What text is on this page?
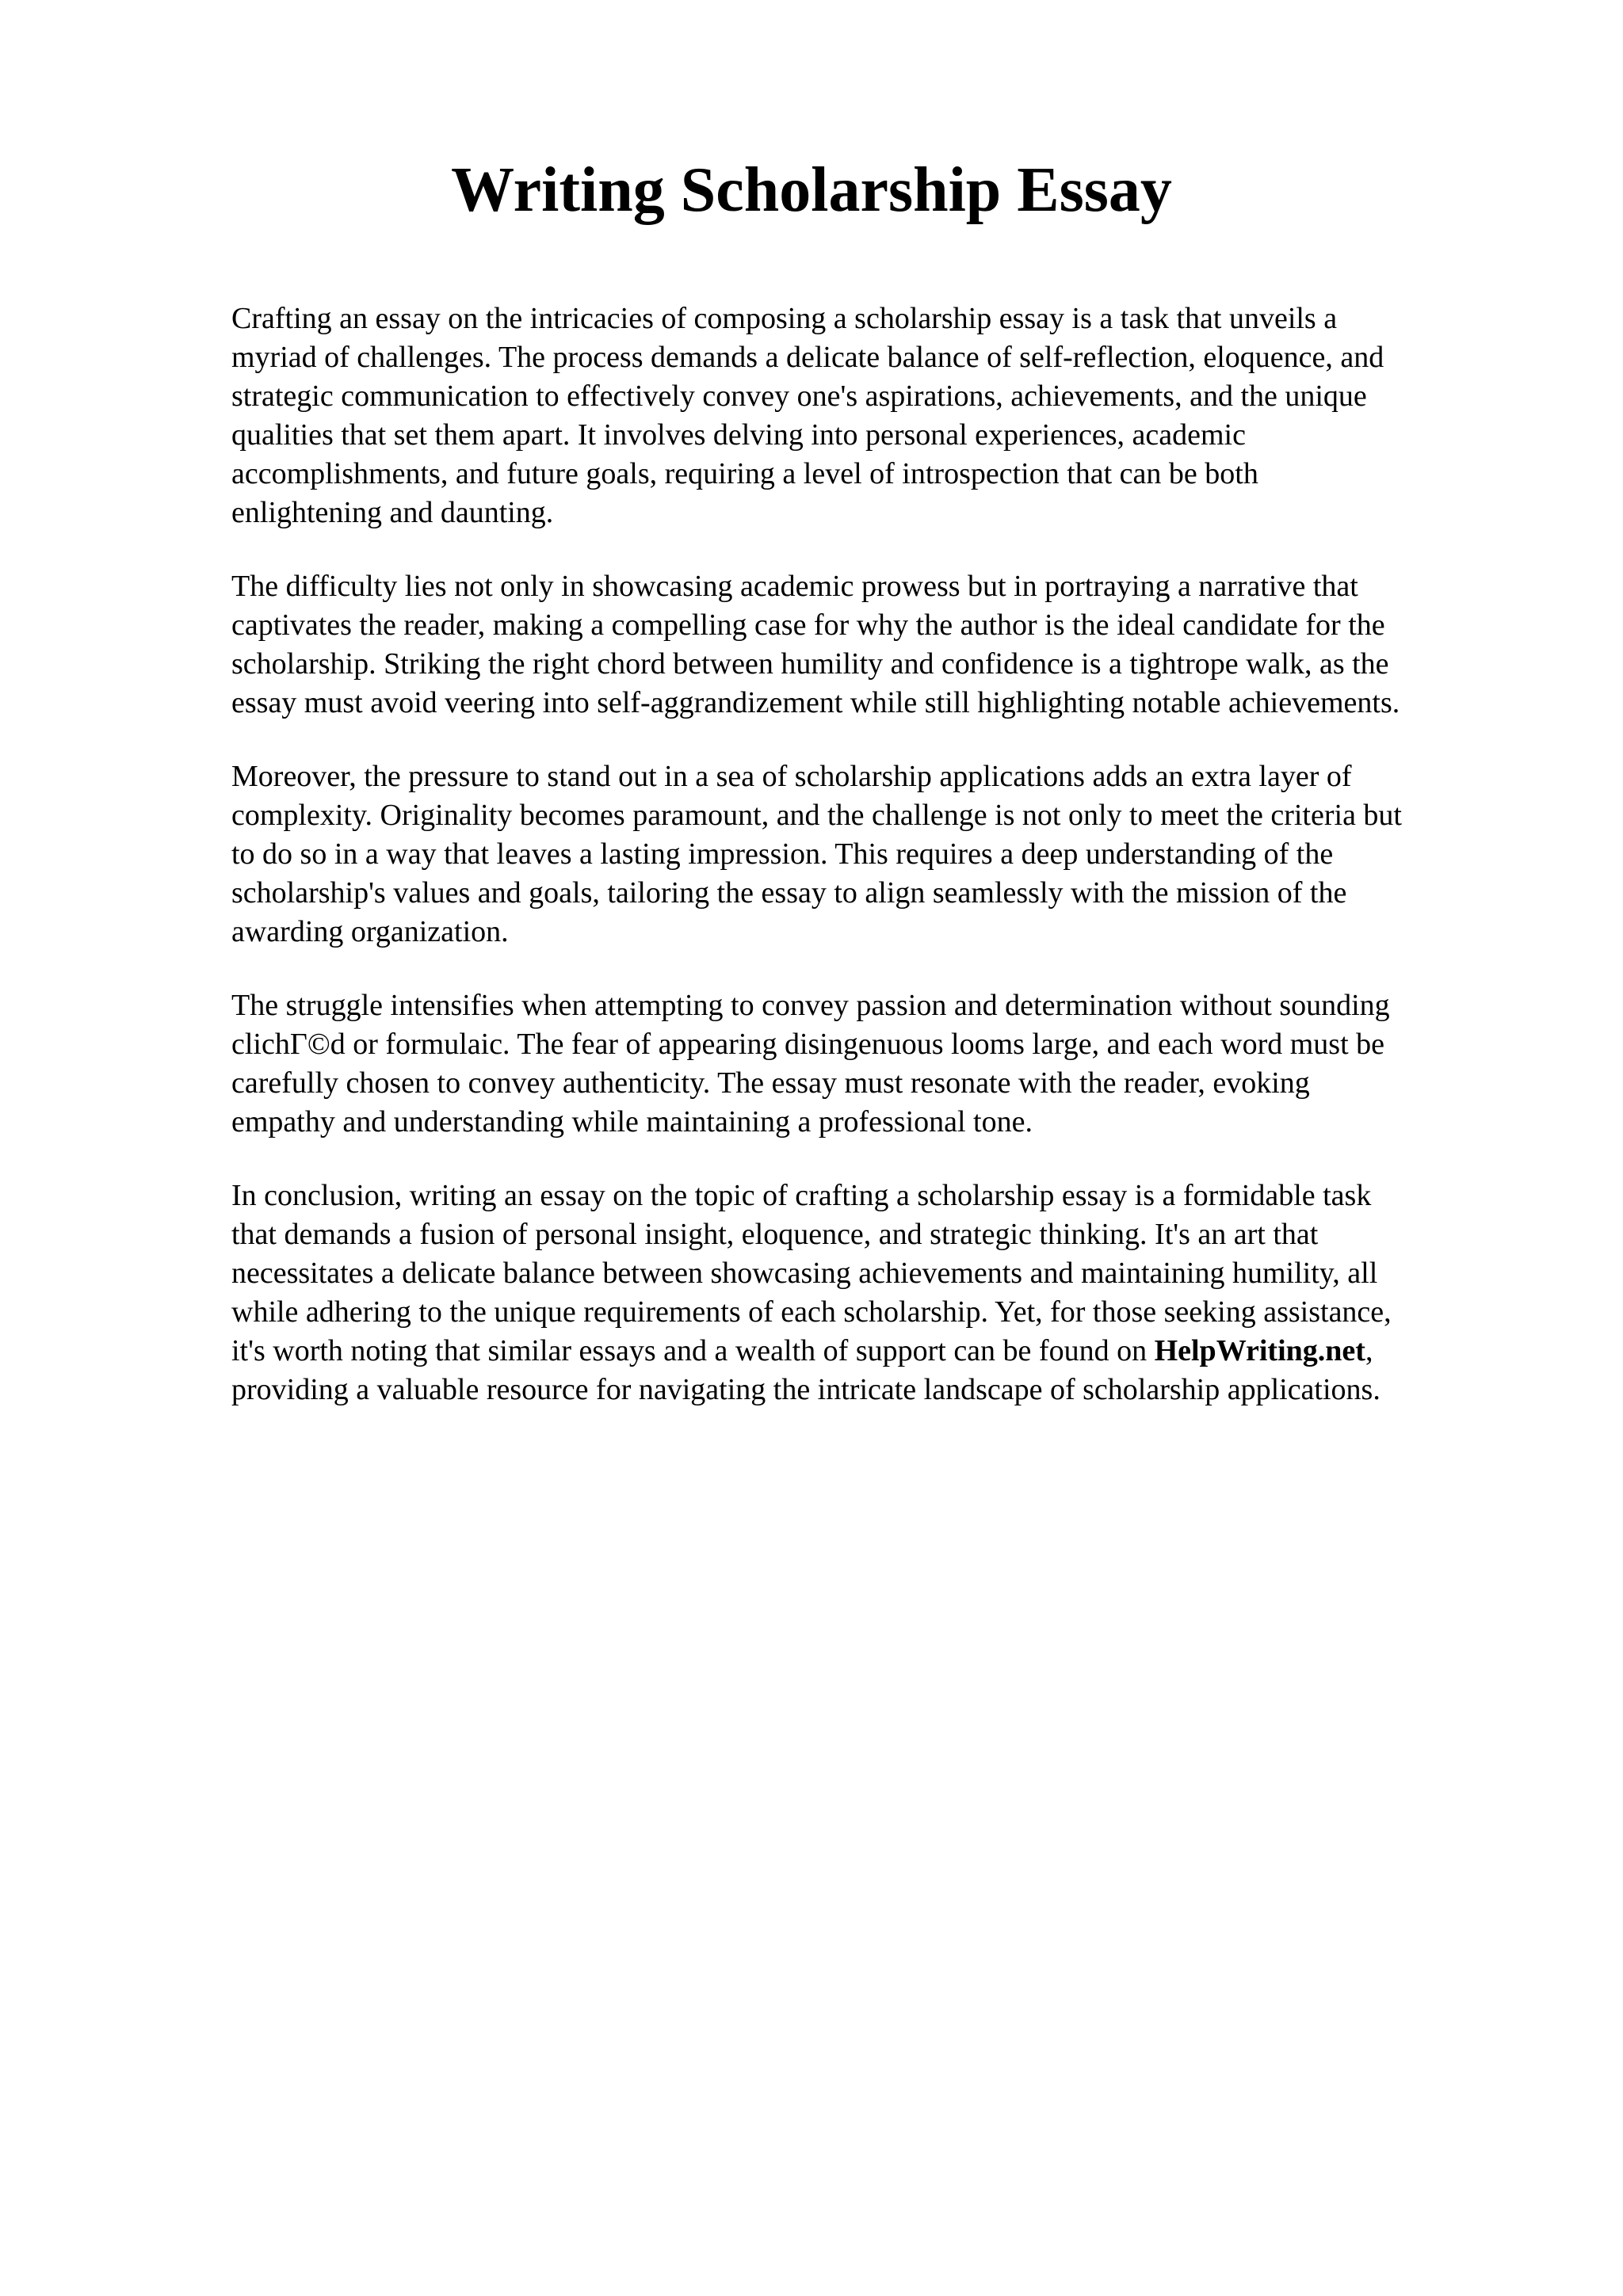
Writing Scholarship Essay

Crafting an essay on the intricacies of composing a scholarship essay is a task that unveils a
myriad of challenges. The process demands a delicate balance of self-reflection, eloquence, and
strategic communication to effectively convey one's aspirations, achievements, and the unique
qualities that set them apart. It involves delving into personal experiences, academic
accomplishments, and future goals, requiring a level of introspection that can be both
enlightening and daunting.

The difficulty lies not only in showcasing academic prowess but in portraying a narrative that
captivates the reader, making a compelling case for why the author is the ideal candidate for the
scholarship. Striking the right chord between humility and confidence is a tightrope walk, as the
essay must avoid veering into self-aggrandizement while still highlighting notable achievements.

Moreover, the pressure to stand out in a sea of scholarship applications adds an extra layer of
complexity. Originality becomes paramount, and the challenge is not only to meet the criteria but
to do so in a way that leaves a lasting impression. This requires a deep understanding of the
scholarship's values and goals, tailoring the essay to align seamlessly with the mission of the
awarding organization.

The struggle intensifies when attempting to convey passion and determination without sounding
clichΓ©d or formulaic. The fear of appearing disingenuous looms large, and each word must be
carefully chosen to convey authenticity. The essay must resonate with the reader, evoking
empathy and understanding while maintaining a professional tone.

In conclusion, writing an essay on the topic of crafting a scholarship essay is a formidable task
that demands a fusion of personal insight, eloquence, and strategic thinking. It's an art that
necessitates a delicate balance between showcasing achievements and maintaining humility, all
while adhering to the unique requirements of each scholarship. Yet, for those seeking assistance,
it's worth noting that similar essays and a wealth of support can be found on HelpWriting.net,
providing a valuable resource for navigating the intricate landscape of scholarship applications.
